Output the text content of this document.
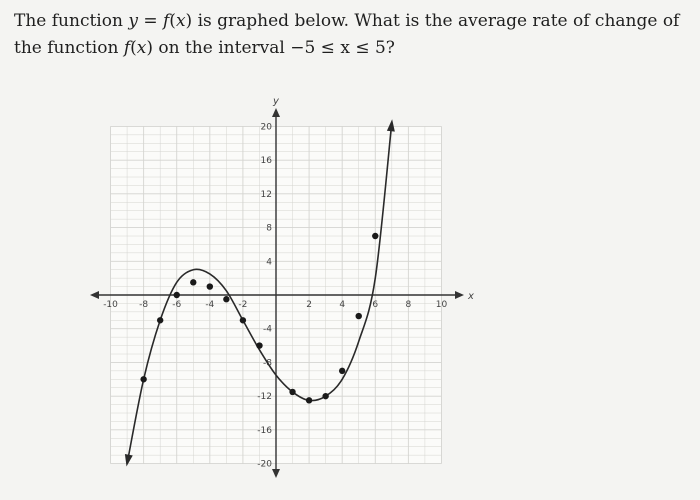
The function y = f(x) is graphed below. What is the average rate of change of the function f(x) on the interval −5 ≤ x ≤ 5?

x
y
-10 -8	-6	-4	-2	2	4	6	8	10
-20
-16
-12
-8
-4
4
8
12
16
20
